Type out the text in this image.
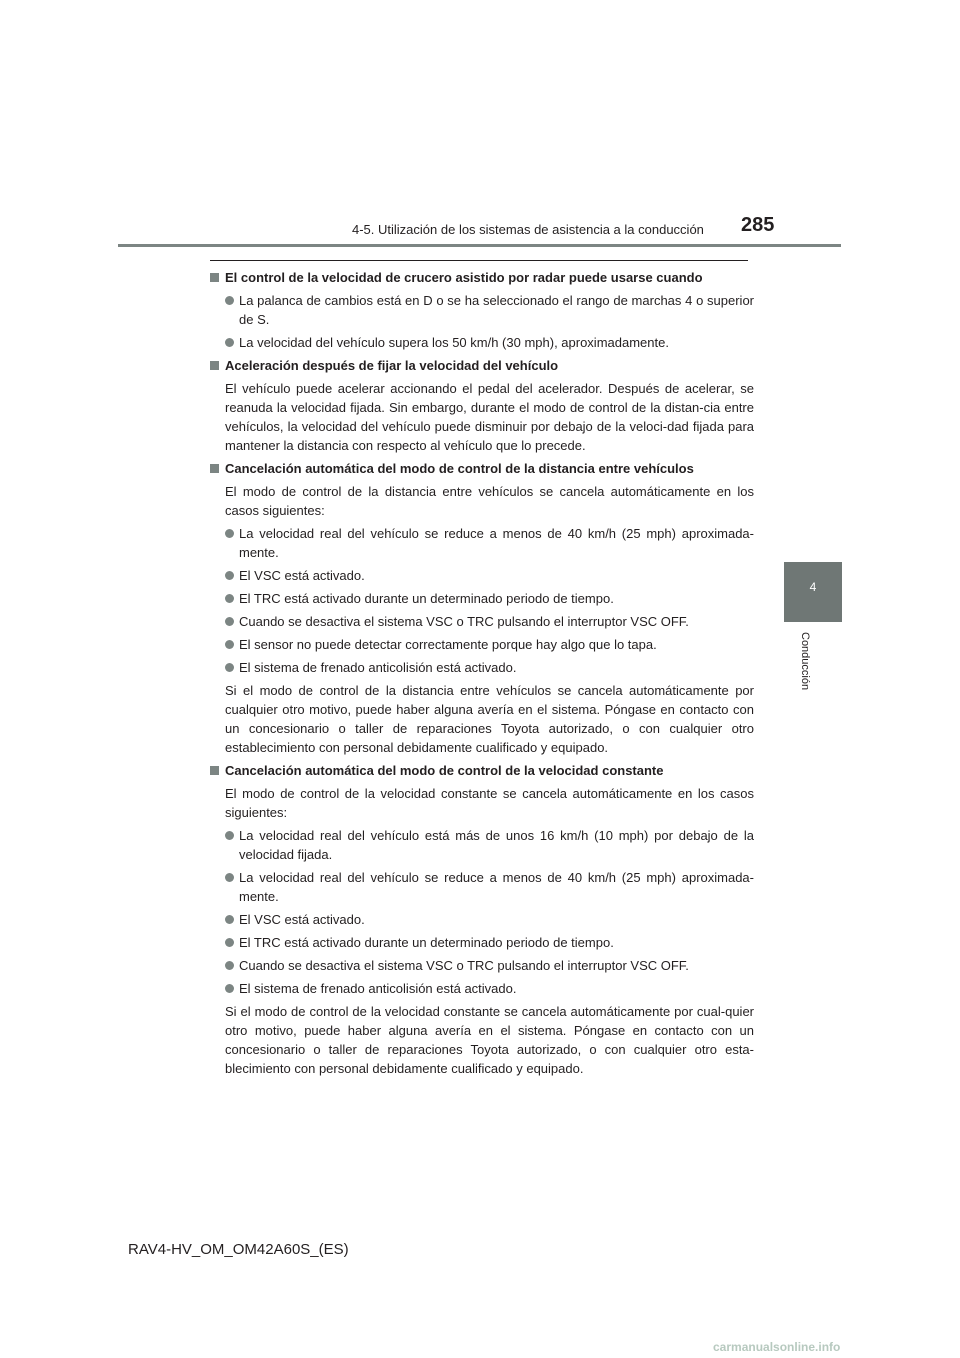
4-5. Utilización de los sistemas de asistencia a la conducción 285
4
Conducción
El control de la velocidad de crucero asistido por radar puede usarse cuando
La palanca de cambios está en D o se ha seleccionado el rango de marchas 4 o superior de S.
La velocidad del vehículo supera los 50 km/h (30 mph), aproximadamente.
Aceleración después de fijar la velocidad del vehículo
El vehículo puede acelerar accionando el pedal del acelerador. Después de acelerar, se reanuda la velocidad fijada. Sin embargo, durante el modo de control de la distan-cia entre vehículos, la velocidad del vehículo puede disminuir por debajo de la veloci-dad fijada para mantener la distancia con respecto al vehículo que lo precede.
Cancelación automática del modo de control de la distancia entre vehículos
El modo de control de la distancia entre vehículos se cancela automáticamente en los casos siguientes:
La velocidad real del vehículo se reduce a menos de 40 km/h (25 mph) aproximada-mente.
El VSC está activado.
El TRC está activado durante un determinado periodo de tiempo.
Cuando se desactiva el sistema VSC o TRC pulsando el interruptor VSC OFF.
El sensor no puede detectar correctamente porque hay algo que lo tapa.
El sistema de frenado anticolisión está activado.
Si el modo de control de la distancia entre vehículos se cancela automáticamente por cualquier otro motivo, puede haber alguna avería en el sistema. Póngase en contacto con un concesionario o taller de reparaciones Toyota autorizado, o con cualquier otro establecimiento con personal debidamente cualificado y equipado.
Cancelación automática del modo de control de la velocidad constante
El modo de control de la velocidad constante se cancela automáticamente en los casos siguientes:
La velocidad real del vehículo está más de unos 16 km/h (10 mph) por debajo de la velocidad fijada.
La velocidad real del vehículo se reduce a menos de 40 km/h (25 mph) aproximada-mente.
El VSC está activado.
El TRC está activado durante un determinado periodo de tiempo.
Cuando se desactiva el sistema VSC o TRC pulsando el interruptor VSC OFF.
El sistema de frenado anticolisión está activado.
Si el modo de control de la velocidad constante se cancela automáticamente por cual-quier otro motivo, puede haber alguna avería en el sistema. Póngase en contacto con un concesionario o taller de reparaciones Toyota autorizado, o con cualquier otro esta-blecimiento con personal debidamente cualificado y equipado.
RAV4-HV_OM_OM42A60S_(ES)
carmanualsonline.info
